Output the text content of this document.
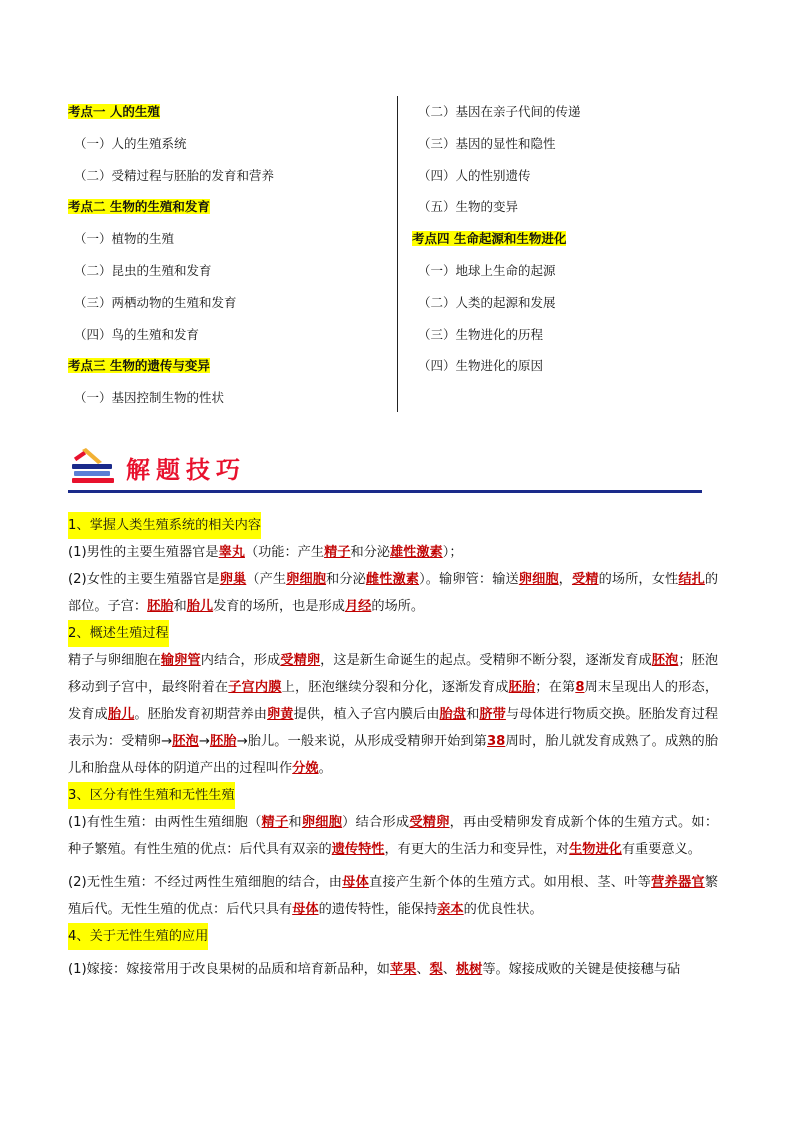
考点一 人的生殖
（一）人的生殖系统
（二）受精过程与胚胎的发育和营养
考点二 生物的生殖和发育
（一）植物的生殖
（二）昆虫的生殖和发育
（三）两栖动物的生殖和发育
（四）鸟的生殖和发育
考点三 生物的遗传与变异
（一）基因控制生物的性状
（二）基因在亲子代间的传递
（三）基因的显性和隐性
（四）人的性别遗传
（五）生物的变异
考点四 生命起源和生物进化
（一）地球上生命的起源
（二）人类的起源和发展
（三）生物进化的历程
（四）生物进化的原因
解题技巧
1、掌握人类生殖系统的相关内容
(1)男性的主要生殖器官是睾丸（功能：产生精子和分泌雄性激素）；
(2)女性的主要生殖器官是卵巢（产生卵细胞和分泌雌性激素）。输卵管：输送卵细胞，受精的场所，女性结扎的部位。子宫：胚胎和胎儿发育的场所，也是形成月经的场所。
2、概述生殖过程
精子与卵细胞在输卵管内结合，形成受精卵，这是新生命诞生的起点。受精卵不断分裂，逐渐发育成胚泡；胚泡移动到子宫中，最终附着在子宫内膜上，胚泡继续分裂和分化，逐渐发育成胚胎；在第8周末呈现出人的形态，发育成胎儿。胚胎发育初期营养由卵黄提供，植入子宫内膜后由胎盘和脐带与母体进行物质交换。胚胎发育过程表示为：受精卵→胚泡→胚胎→胎儿。一般来说，从形成受精卵开始到第38周时，胎儿就发育成熟了。成熟的胎儿和胎盘从母体的阴道产出的过程叫作分娩。
3、区分有性生殖和无性生殖
(1)有性生殖：由两性生殖细胞（精子和卵细胞）结合形成受精卵，再由受精卵发育成新个体的生殖方式。如：种子繁殖。有性生殖的优点：后代具有双亲的遗传特性，有更大的生活力和变异性，对生物进化有重要意义。
(2)无性生殖：不经过两性生殖细胞的结合，由母体直接产生新个体的生殖方式。如用根、茎、叶等营养器官繁殖后代。无性生殖的优点：后代只具有母体的遗传特性，能保持亲本的优良性状。
4、关于无性生殖的应用
(1)嫁接：嫁接常用于改良果树的品质和培育新品种，如苹果、梨、桃树等。嫁接成败的关键是使接穗与砧
